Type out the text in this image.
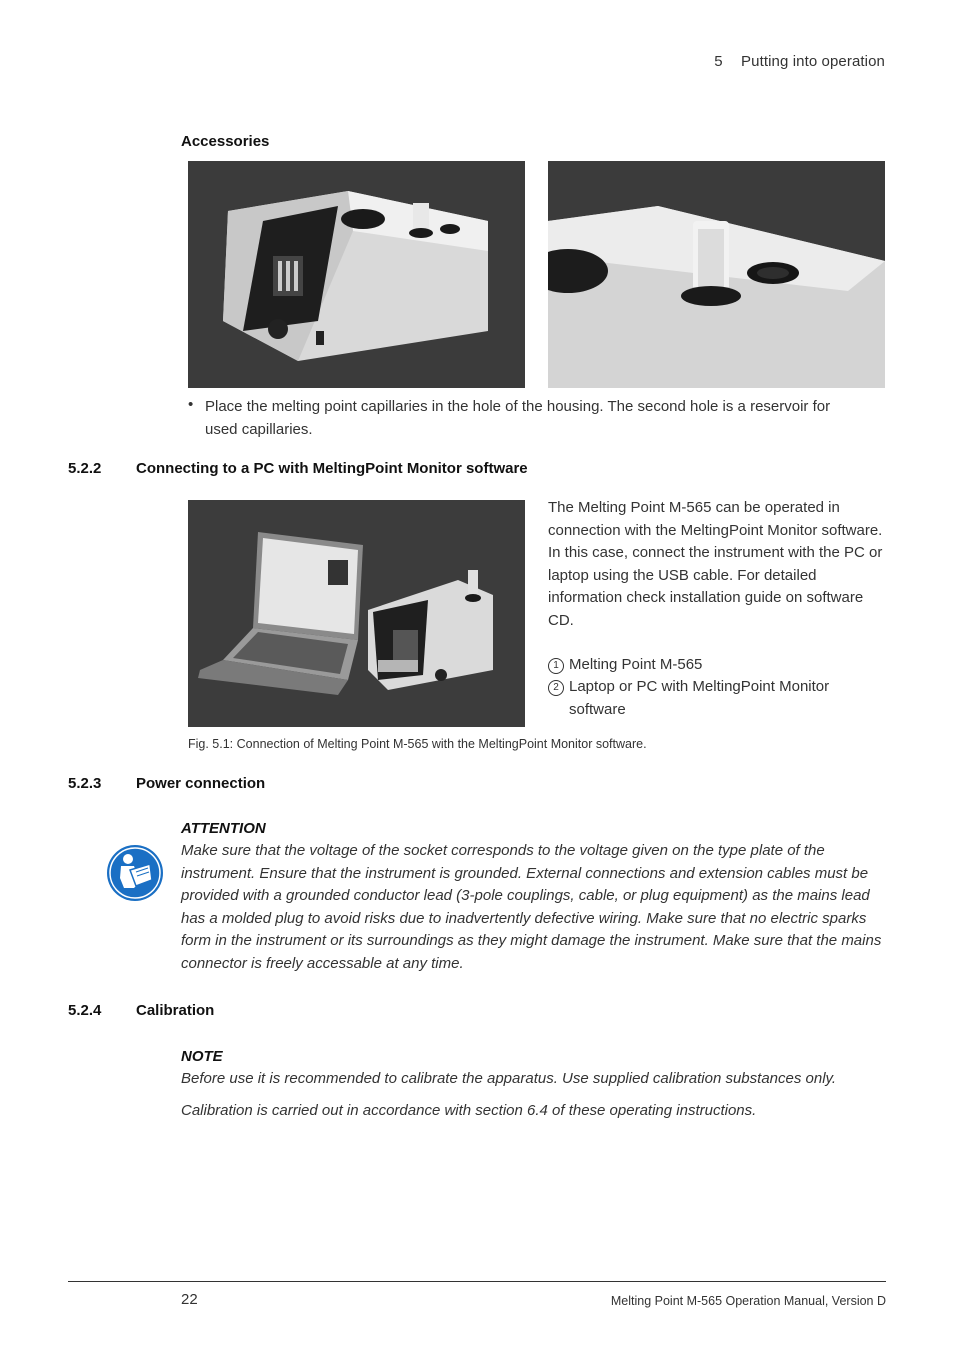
5 Putting into operation
Accessories
• Place the melting point capillaries in the hole of the housing. The second hole is a reservoir for used capillaries.
5.2.2 Connecting to a PC with MeltingPoint Monitor software
The Melting Point M-565 can be operated in connection with the MeltingPoint Monitor software. In this case, connect the instrument with the PC or laptop using the USB cable. For detailed information check installation guide on software CD.
1 Melting Point M-565
2 Laptop or PC with MeltingPoint Monitor
software
Fig. 5.1: Connection of Melting Point M-565 with the MeltingPoint Monitor software.
5.2.3 Power connection
ATTENTION
Make sure that the voltage of the socket corresponds to the voltage given on the type plate of the instrument. Ensure that the instrument is grounded. External connections and extension cables must be provided with a grounded conductor lead (3-pole couplings, cable, or plug equipment) as the mains lead has a molded plug to avoid risks due to inadvertently defective wiring. Make sure that no electric sparks form in the instrument or its surroundings as they might damage the instrument. Make sure that the mains connector is freely accessable at any time.
5.2.4 Calibration
NOTE
Before use it is recommended to calibrate the apparatus. Use supplied calibration substances only.
Calibration is carried out in accordance with section 6.4 of these operating instructions.
22	Melting Point M-565 Operation Manual, Version D
